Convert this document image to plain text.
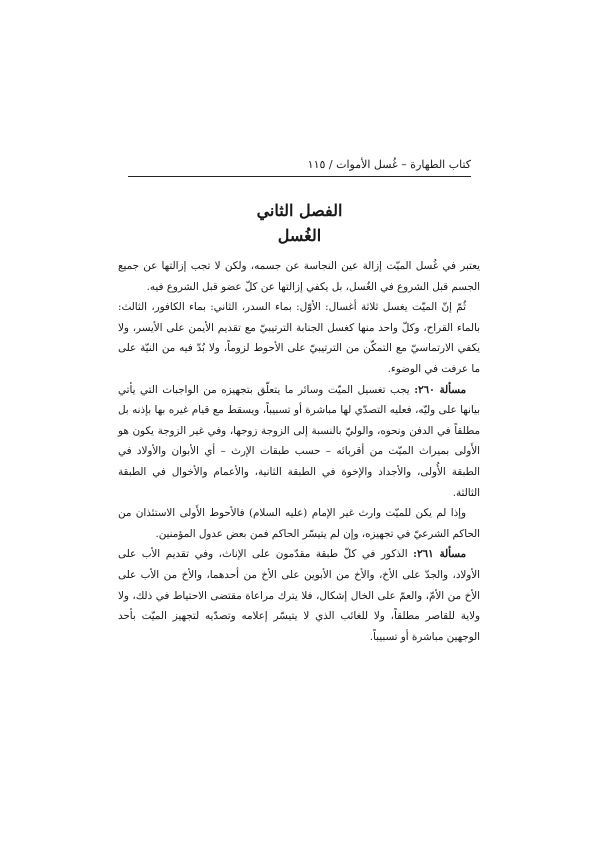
كتاب الطهارة – غُسل الأموات / ١١٥
الفصل الثاني
الغُسل

يعتبر في غُسل الميّت إزالة عين النجاسة عن جسمه، ولكن لا تجب إزالتها عن جميع الجسم قبل الشروع في الغُسل، بل يكفي إزالتها عن كلّ عضو قبل الشروع فيه.

ثُمّ إنّ الميّت يغسل ثلاثة أغسال: الأوّل: بماء السدر، الثاني: بماء الكافور، الثالث: بالماء القراح، وكلّ واحد منها كغسل الجنابة الترتيبيّ مع تقديم الأيمن على الأيسر، ولا يكفي الارتماسيّ مع التمكّن من الترتيبيّ على الأحوط لزوماً، ولا بُدّ فيه من النيّة على ما عرفت في الوضوء.

مسألة ٢٦٠: يجب تغسيل الميّت وسائر ما يتعلّق بتجهيزه من الواجبات التي يأتي بيانها على وليّه، فعليه التصدّي لها مباشرة أو تسبيباً، ويسقط مع قيام غيره بها بإذنه بل مطلقاً في الدفن ونحوه، والوليّ بالنسبة إلى الزوجة زوجها، وفي غير الزوجة يكون هو الأَولى بميراث الميّت من أقربائه – حسب طبقات الإرث – أي الأبوان والأولاد في الطبقة الأُولى، والأجداد والإخوة في الطبقة الثانية، والأعمام والأخوال في الطبقة الثالثة.

وإذا لم يكن للميّت وارث غير الإمام (عليه السلام) فالأحوط الأَولى الاستئذان من الحاكم الشرعيّ في تجهيزه، وإن لم يتيسّر الحاكم فمن بعض عدول المؤمنين.

مسألة ٢٦١: الذكور في كلّ طبقة مقدّمون على الإناث، وفي تقديم الأب على الأولاد، والجدّ على الأخ، والأخ من الأبوين على الأخ من أحدهما، والأخ من الأب على الأخ من الأمّ، والعمّ على الخال إشكال، فلا يترك مراعاة مقتضى الاحتياط في ذلك، ولا ولاية للقاصر مطلقاً، ولا للغائب الذي لا يتيسّر إعلامه وتصدّيه لتجهيز الميّت بأحد الوجهين مباشرة أو تسبيباً.
